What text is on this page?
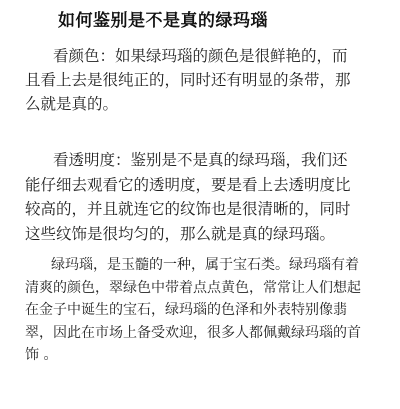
如何鉴别是不是真的绿玛瑙
看颜色：如果绿玛瑙的颜色是很鲜艳的，而
且看上去是很纯正的，同时还有明显的条带，那
么就是真的。
看透明度：鉴别是不是真的绿玛瑙，我们还
能仔细去观看它的透明度，要是看上去透明度比
较高的，并且就连它的纹饰也是很清晰的，同时
这些纹饰是很均匀的，那么就是真的绿玛瑙。
绿玛瑙，是玉髓的一种，属于宝石类。绿玛瑙有着
清爽的颜色，翠绿色中带着点点黄色，常常让人们想起
在金子中诞生的宝石，绿玛瑙的色泽和外表特别像翡
翠，因此在市场上备受欢迎，很多人都佩戴绿玛瑙的首
饰 。
